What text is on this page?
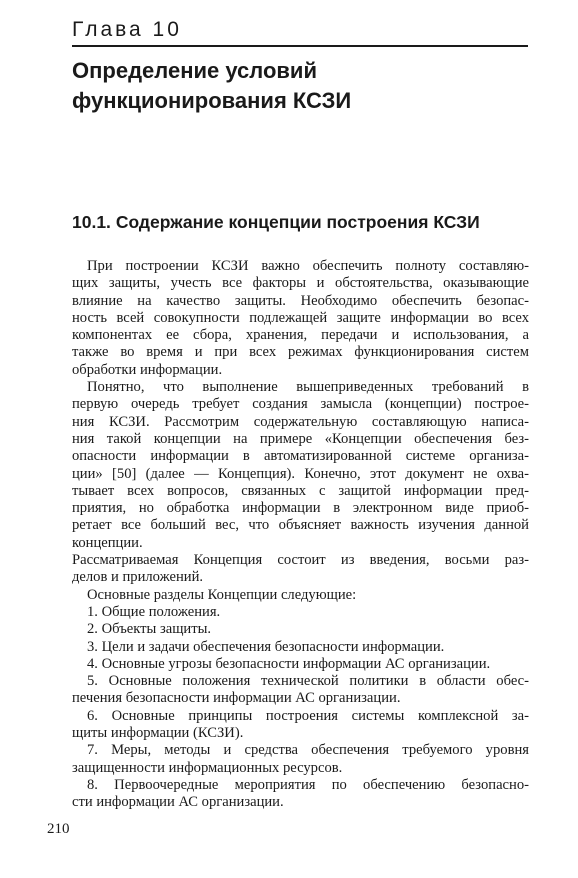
Глава 10
Определение условий
функционирования КСЗИ
10.1. Содержание концепции построения КСЗИ

При построении КСЗИ важно обеспечить полноту составляю-
щих защиты, учесть все факторы и обстоятельства, оказывающие
влияние на качество защиты. Необходимо обеспечить безопас-
ность всей совокупности подлежащей защите информации во всех
компонентах ее сбора, хранения, передачи и использования, а
также во время и при всех режимах функционирования систем
обработки информации.

Понятно, что выполнение вышеприведенных требований в
первую очередь требует создания замысла (концепции) построе-
ния КСЗИ. Рассмотрим содержательную составляющую написа-
ния такой концепции на примере «Концепции обеспечения без-
опасности информации в автоматизированной системе организа-
ции» [50] (далее — Концепция). Конечно, этот документ не охва-
тывает всех вопросов, связанных с защитой информации пред-
приятия, но обработка информации в электронном виде приоб-
ретает все больший вес, что объясняет важность изучения данной
концепции.

Рассматриваемая Концепция состоит из введения, восьми раз-
делов и приложений.

Основные разделы Концепции следующие:

1. Общие положения.

2. Объекты защиты.

3. Цели и задачи обеспечения безопасности информации.

4. Основные угрозы безопасности информации АС организации.

5. Основные положения технической политики в области обес-
печения безопасности информации АС организации.

6. Основные принципы построения системы комплексной за-
щиты информации (КСЗИ).

7. Меры, методы и средства обеспечения требуемого уровня
защищенности информационных ресурсов.

8. Первоочередные мероприятия по обеспечению безопасно-
сти информации АС организации.

210
